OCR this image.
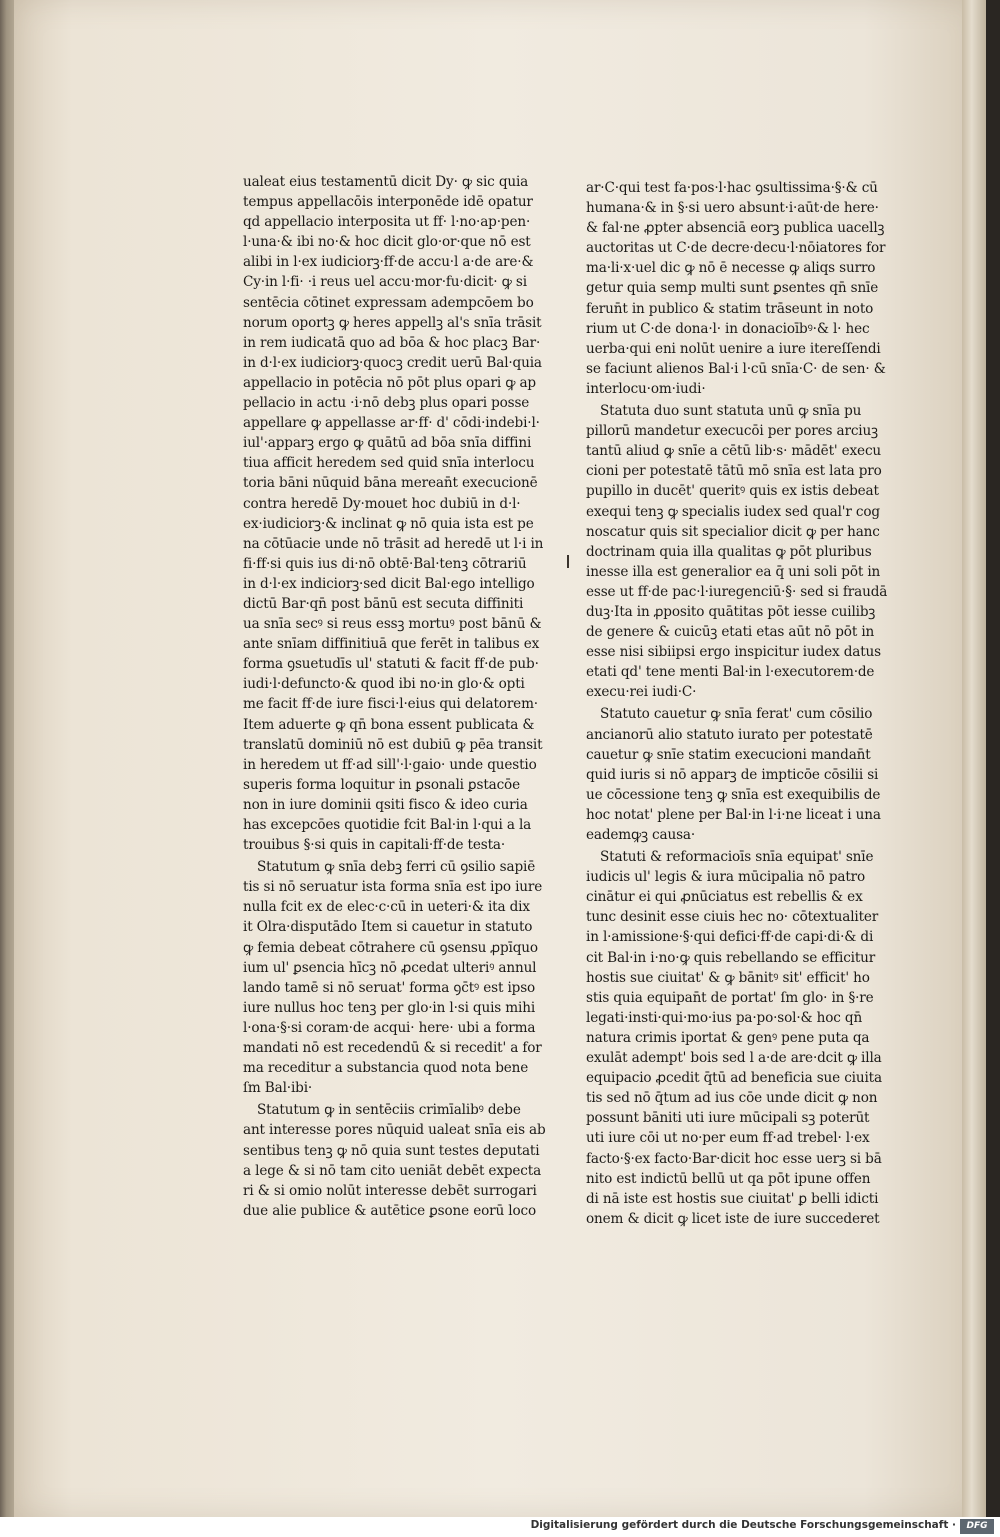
ualeat eius testamentū dicit Dy· ꝙ sic quia
tempus appellacōis interponēde idē opatur
qd appellacio interposita ut ff· l·no·ap·pen·
l·una·& ibi no·& hoc dicit glo·or·que nō est
alibi in l·ex iudiciorꝫ·ff·de accu·l a·de are·&
Cy·in l·fi· ·i reus uel accu·mor·fu·dicit· ꝙ si
sentēcia cōtinet expressam adempcōem bo
norum oportꝫ ꝙ heres appellꝫ al's snīa trāsit
in rem iudicatā quo ad bōa & hoc placꝫ Bar·
in d·l·ex iudiciorꝫ·quocꝫ credit uerū Bal·quia
appellacio in potēcia nō pōt plus opari ꝙ ap
pellacio in actu ·i·nō debꝫ plus opari posse
appellare ꝙ appellasse ar·ff· d' cōdi·indebi·l·
iul'·apparꝫ ergo ꝙ quātū ad bōa snīa diffini
tiua afficit heredem sed quid snīa interlocu
toria bāni nūquid bāna merean̄t execucionē
contra heredē Dy·mouet hoc dubiū in d·l·
ex·iudiciorꝫ·& inclinat ꝙ nō quia ista est pe
na cōtūacie unde nō trāsit ad heredē ut l·i in
fi·ff·si quis ius di·nō obtē·Bal·tenꝫ cōtrariū
in d·l·ex indiciorꝫ·sed dicit Bal·ego intelligo
dictū Bar·qn̄ post bānū est secuta diffiniti
ua snīa secꝰ si reus essꝫ mortuꝰ post bānū &
ante snīam diffinitiuā que ferēt in talibus ex
forma ꝯsuetudīs ul' statuti & facit ff·de pub·
iudi·l·defuncto·& quod ibi no·in glo·& opti
me facit ff·de iure fisci·l·eius qui delatorem·
Item aduerte ꝙ qn̄ bona essent publicata &
translatū dominiū nō est dubiū ꝙ pēa transit
in heredem ut ff·ad sill'·l·gaio· unde questio
superis forma loquitur in ꝑsonali ꝑstacōe
non in iure dominii qsiti fisco & ideo curia
has excepcōes quotidie fcit Bal·in l·qui a la
trouibus §·si quis in capitali·ff·de testa·
Statutum ꝙ snīa debꝫ ferri cū ꝯsilio sapiē
tis si nō seruatur ista forma snīa est ipo iure
nulla fcit ex de elec·c·cū in ueteri·& ita dix
it Olra·disputādo Item si cauetur in statuto
ꝙ femia debeat cōtrahere cū ꝯsensu ꝓpīquo
ium ul' ꝑsencia hīcꝫ nō ꝓcedat ulteriꝰ annul
lando tamē si nō seruat' forma ꝯc̄tꝰ est ipso
iure nullus hoc tenꝫ per glo·in l·si quis mihi
l·ona·§·si coram·de acqui· here· ubi a forma
mandati nō est recedendū & si recedit' a for
ma receditur a substancia quod nota bene
ſm Bal·ibi·
Statutum ꝙ in sentēciis crimīalibꝰ debe
ant interesse pores nūquid ualeat snīa eis ab
sentibus tenꝫ ꝙ nō quia sunt testes deputati
a lege & si nō tam cito ueniāt debēt expecta
ri & si omio nolūt interesse debēt surrogari
due alie publice & autētice ꝑsone eorū loco
ar·C·qui test fa·pos·l·hac ꝯsultissima·§·& cū
humana·& in §·si uero absunt·i·aūt·de here·
& fal·ne ꝓpter absenciā eorꝫ publica uacellꝫ
auctoritas ut C·de decre·decu·l·nōiatores for
ma·li·x·uel dic ꝙ nō ē necesse ꝙ aliqs surro
getur quia semp multi sunt ꝑsentes qn̄ snīe
ferun̄t in publico & statim trāseunt in noto
rium ut C·de dona·l· in donacioībꝰ·& l· hec
uerba·qui eni nolūt uenire a iure itereſſendi
se faciunt alienos Bal·i l·cū snīa·C· de sen· &
interlocu·om·iudi·
Statuta duo sunt statuta unū ꝙ snīa pu
pillorū mandetur execucōi per pores arciuꝫ
tantū aliud ꝙ snīe a cētū lib·s· mādēt' execu
cioni per potestatē tātū mō snīa est lata pro
pupillo in ducēt' queritꝰ quis ex istis debeat
exequi tenꝫ ꝙ specialis iudex sed qual'r cog
noscatur quis sit specialior dicit ꝙ per hanc
doctrinam quia illa qualitas ꝙ pōt pluribus
inesse illa est generalior ea q̄ uni soli pōt in
esse ut ff·de pac·l·iuregenciū·§· sed si fraudā
duꝫ·Ita in ꝓposito quātitas pōt iesse cuilibꝫ
de genere & cuicūꝫ etati etas aūt nō pōt in
esse nisi sibiipsi ergo inspicitur iudex datus
etati qd' tene menti Bal·in l·executorem·de
execu·rei iudi·C·
Statuto cauetur ꝙ snīa ferat' cum cōsilio
ancianorū alio statuto iurato per potestatē
cauetur ꝙ snīe statim execucioni mandan̄t
quid iuris si nō apparꝫ de impticōe cōsilii si
ue cōcessione tenꝫ ꝙ snīa est exequibilis de
hoc notat' plene per Bal·in l·i·ne liceat i una
eademꝙꝫ causa·
Statuti & reformacioīs snīa equipat' snīe
iudicis ul' legis & iura mūcipalia nō patro
cinātur ei qui ꝓnūciatus est rebellis & ex
tunc desinit esse ciuis hec no· cōtextualiter
in l·amissione·§·qui defici·ff·de capi·di·& di
cit Bal·in i·no·ꝙ quis rebellando se efficitur
hostis sue ciuitat' & ꝙ bānitꝰ sit' efficit' ho
stis quia equipan̄t de portat' ſm glo· in §·re
legati·insti·qui·mo·ius pa·po·sol·& hoc qn̄
natura crimis iportat & genꝰ pene puta qa
exulāt adempt' bois sed l a·de are·dcit ꝙ illa
equipacio ꝓcedit q̄tū ad beneficia sue ciuita
tis sed nō q̄tum ad ius cōe unde dicit ꝙ non
possunt bāniti uti iure mūcipali sꝫ poterūt
uti iure cōi ut no·per eum ff·ad trebel· l·ex
facto·§·ex facto·Bar·dicit hoc esse uerꝫ si bā
nito est indictū bellū ut qa pōt ipune offen
di nā iste est hostis sue ciuitat' ꝑ belli idicti
onem & dicit ꝙ licet iste de iure succederet
Digitalisierung gefördert durch die Deutsche Forschungsgemeinschaft ·	DFG
